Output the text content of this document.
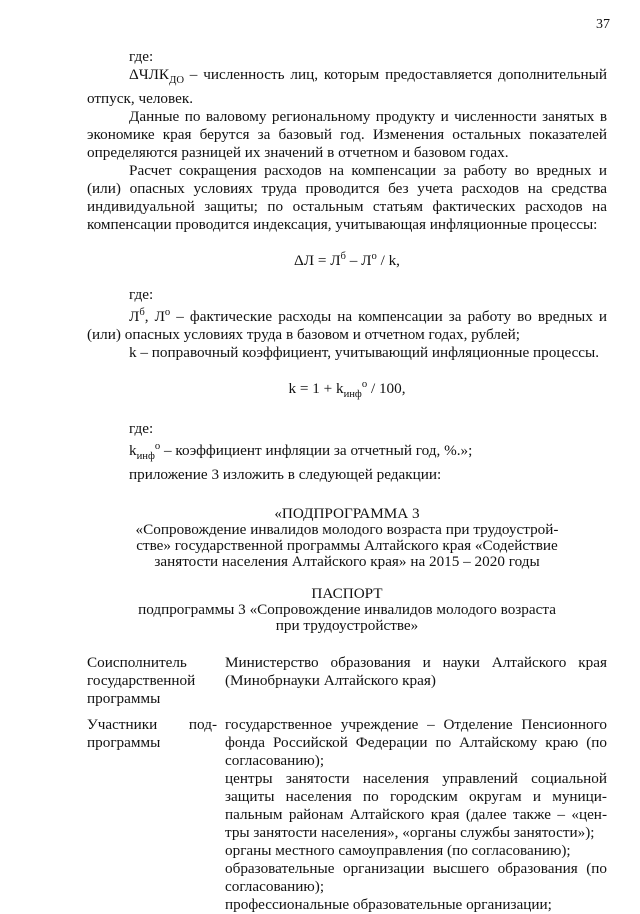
37

где:

$\Delta ЧЛК_{ДО}$ – численность лиц, которым предоставляется дополнительный отпуск, человек.

Данные по валовому региональному продукту и численности занятых в экономике края берутся за базовый год. Изменения остальных показателей определяются разницей их значений в отчетном и базовом годах.

Расчет сокращения расходов на компенсации за работу во вредных и (или) опасных условиях труда проводится без учета расходов на средства индивидуальной защиты; по остальным статьям фактических расходов на компенсации проводится индексация, учитывающая инфляционные процессы:

$\Delta Л = Л^б - Л^о / k$,

где:

$Л^б$, $Л^о$ – фактические расходы на компенсации за работу во вредных и (или) опасных условиях труда в базовом и отчетном годах, рублей;

k – поправочный коэффициент, учитывающий инфляционные процессы.

$k = 1 + k_{инф}^о / 100$,

где:

$k_{инф}^о$ – коэффициент инфляции за отчетный год, %.»;

приложение 3 изложить в следующей редакции:

«ПОДПРОГРАММА 3
«Сопровождение инвалидов молодого возраста при трудоустрой-
стве» государственной программы Алтайского края «Содействие
занятости населения Алтайского края» на 2015 – 2020 годы
ПАСПОРТ
подпрограммы 3 «Сопровождение инвалидов молодого возраста
при трудоустройстве»
Соисполнитель государственной программы

Министерство образования и науки Алтайского края (Минобрнауки Алтайского края)

Участники под-программы

государственное учреждение – Отделение Пенсионного фонда Российской Федерации по Алтайскому краю (по согласованию);

центры занятости населения управлений социальной защиты населения по городским округам и муници-пальным районам Алтайского края (далее также – «цен-тры занятости населения», «органы службы занятости»);

органы местного самоуправления (по согласованию);

образовательные организации высшего образования (по согласованию);

профессиональные образовательные организации;
